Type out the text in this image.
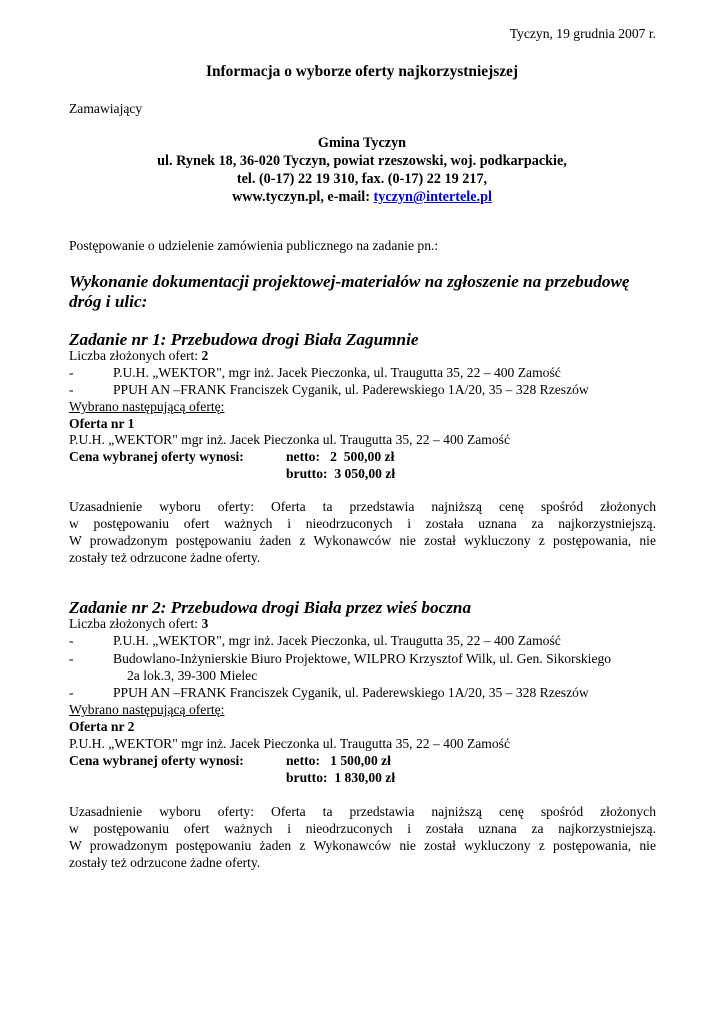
Tyczyn, 19 grudnia 2007 r.
Informacja o wyborze oferty najkorzystniejszej
Zamawiający
Gmina Tyczyn
ul. Rynek 18, 36-020 Tyczyn, powiat rzeszowski, woj. podkarpackie,
tel. (0-17) 22 19 310, fax. (0-17) 22 19 217,
www.tyczyn.pl, e-mail: tyczyn@intertele.pl
Postępowanie o udzielenie zamówienia publicznego na zadanie pn.:
Wykonanie dokumentacji projektowej-materiałów na zgłoszenie na przebudowę
dróg i ulic:
Zadanie nr 1: Przebudowa drogi Biała Zagumnie
Liczba złożonych ofert: 2
-	P.U.H. „WEKTOR", mgr inż. Jacek Pieczonka, ul. Traugutta 35, 22 – 400 Zamość
-	PPUH AN –FRANK Franciszek Cyganik, ul. Paderewskiego 1A/20, 35 – 328 Rzeszów
Wybrano następującą ofertę:
Oferta nr 1
P.U.H. „WEKTOR" mgr inż. Jacek Pieczonka ul. Traugutta 35, 22 – 400 Zamość
Cena wybranej oferty wynosi:	netto:   2  500,00 zł
brutto:  3 050,00 zł
Uzasadnienie wyboru oferty: Oferta ta przedstawia najniższą cenę spośród złożonych
w postępowaniu ofert ważnych i nieodrzuconych i została uznana za najkorzystniejszą.
W prowadzonym postępowaniu żaden z Wykonawców nie został wykluczony z postępowania, nie
zostały też odrzucone żadne oferty.
Zadanie nr 2: Przebudowa drogi Biała przez wieś boczna
Liczba złożonych ofert: 3
-	P.U.H. „WEKTOR", mgr inż. Jacek Pieczonka, ul. Traugutta 35, 22 – 400 Zamość
-	Budowlano-Inżynierskie Biuro Projektowe, WILPRO Krzysztof Wilk, ul. Gen. Sikorskiego
2a lok.3, 39-300 Mielec
-	PPUH AN –FRANK Franciszek Cyganik, ul. Paderewskiego 1A/20, 35 – 328 Rzeszów
Wybrano następującą ofertę:
Oferta nr 2
P.U.H. „WEKTOR" mgr inż. Jacek Pieczonka ul. Traugutta 35, 22 – 400 Zamość
Cena wybranej oferty wynosi:	netto:   1 500,00 zł
brutto:  1 830,00 zł
Uzasadnienie wyboru oferty: Oferta ta przedstawia najniższą cenę spośród złożonych
w postępowaniu ofert ważnych i nieodrzuconych i została uznana za najkorzystniejszą.
W prowadzonym postępowaniu żaden z Wykonawców nie został wykluczony z postępowania, nie
zostały też odrzucone żadne oferty.
